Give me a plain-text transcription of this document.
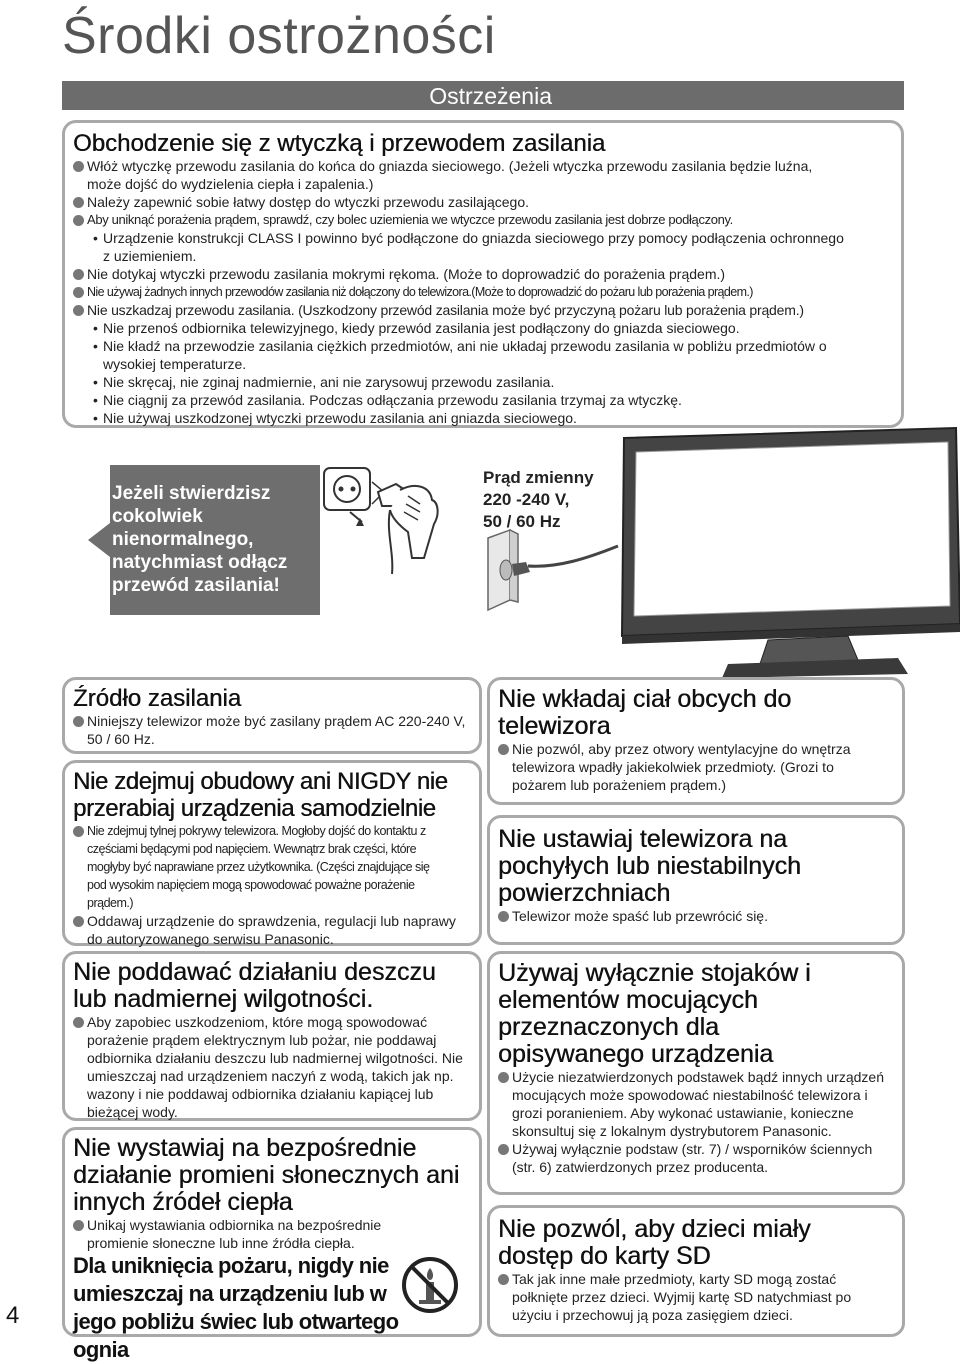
Środki ostrożności
Ostrzeżenia
Obchodzenie się z wtyczką i przewodem zasilania
Włóż wtyczkę przewodu zasilania do końca do gniazda sieciowego. (Jeżeli wtyczka przewodu zasilania będzie luźna, może dojść do wydzielenia ciepła i zapalenia.)
Należy zapewnić sobie łatwy dostęp do wtyczki przewodu zasilającego.
Aby uniknąć porażenia prądem, sprawdź, czy bolec uziemienia we wtyczce przewodu zasilania jest dobrze podłączony.
• Urządzenie konstrukcji CLASS I powinno być podłączone do gniazda sieciowego przy pomocy podłączenia ochronnego z uziemieniem.
Nie dotykaj wtyczki przewodu zasilania mokrymi rękoma. (Może to doprowadzić do porażenia prądem.)
Nie używaj żadnych innych przewodów zasilania niż dołączony do telewizora.(Może to doprowadzić do pożaru lub porażenia prądem.)
Nie uszkadzaj przewodu zasilania. (Uszkodzony przewód zasilania może być przyczyną pożaru lub porażenia prądem.)
• Nie przenoś odbiornika telewizyjnego, kiedy przewód zasilania jest podłączony do gniazda sieciowego.
• Nie kładź na przewodzie zasilania ciężkich przedmiotów, ani nie układaj przewodu zasilania w pobliżu przedmiotów o wysokiej temperaturze.
• Nie skręcaj, nie zginaj nadmiernie, ani nie zarysowuj przewodu zasilania.
• Nie ciągnij za przewód zasilania. Podczas odłączania przewodu zasilania trzymaj za wtyczkę.
• Nie używaj uszkodzonej wtyczki przewodu zasilania ani gniazda sieciowego.
Jeżeli stwierdzisz cokolwiek nienormalnego, natychmiast odłącz przewód zasilania!
Prąd zmienny
220 -240 V,
50 / 60 Hz
Źródło zasilania
Niniejszy telewizor może być zasilany prądem AC 220-240 V, 50 / 60 Hz.
Nie zdejmuj obudowy ani NIGDY nie przerabiaj urządzenia samodzielnie
Nie zdejmuj tylnej pokrywy telewizora. Mogłoby dojść do kontaktu z częściami będącymi pod napięciem. Wewnątrz brak części, które mogłyby być naprawiane przez użytkownika. (Części znajdujące się pod wysokim napięciem mogą spowodować poważne porażenie prądem.)
Oddawaj urządzenie do sprawdzenia, regulacji lub naprawy do autoryzowanego serwisu Panasonic.
Nie poddawać działaniu deszczu lub nadmiernej wilgotności.
Aby zapobiec uszkodzeniom, które mogą spowodować porażenie prądem elektrycznym lub pożar, nie poddawaj odbiornika działaniu deszczu lub nadmiernej wilgotności. Nie umieszczaj nad urządzeniem naczyń z wodą, takich jak np. wazony i nie poddawaj odbiornika działaniu kapiącej lub bieżącej wody.
Nie wystawiaj na bezpośrednie działanie promieni słonecznych ani innych źródeł ciepła
Unikaj wystawiania odbiornika na bezpośrednie promienie słoneczne lub inne źródła ciepła.
Dla uniknięcia pożaru, nigdy nie umieszczaj na urządzeniu lub w jego pobliżu świec lub otwartego ognia
4
Nie wkładaj ciał obcych do telewizora
Nie pozwól, aby przez otwory wentylacyjne do wnętrza telewizora wpadły jakiekolwiek przedmioty. (Grozi to pożarem lub porażeniem prądem.)
Nie ustawiaj telewizora na pochyłych lub niestabilnych powierzchniach
Telewizor może spaść lub przewrócić się.
Używaj wyłącznie stojaków i elementów mocujących przeznaczonych dla opisywanego urządzenia
Użycie niezatwierdzonych podstawek bądź innych urządzeń mocujących może spowodować niestabilność telewizora i grozi poranieniem. Aby wykonać ustawianie, konieczne skonsultuj się z lokalnym dystrybutorem Panasonic.
Używaj wyłącznie podstaw (str. 7) / wsporników ściennych (str. 6) zatwierdzonych przez producenta.
Nie pozwól, aby dzieci miały dostęp do karty SD
Tak jak inne małe przedmioty, karty SD mogą zostać połknięte przez dzieci. Wyjmij kartę SD natychmiast po użyciu i przechowuj ją poza zasięgiem dzieci.
